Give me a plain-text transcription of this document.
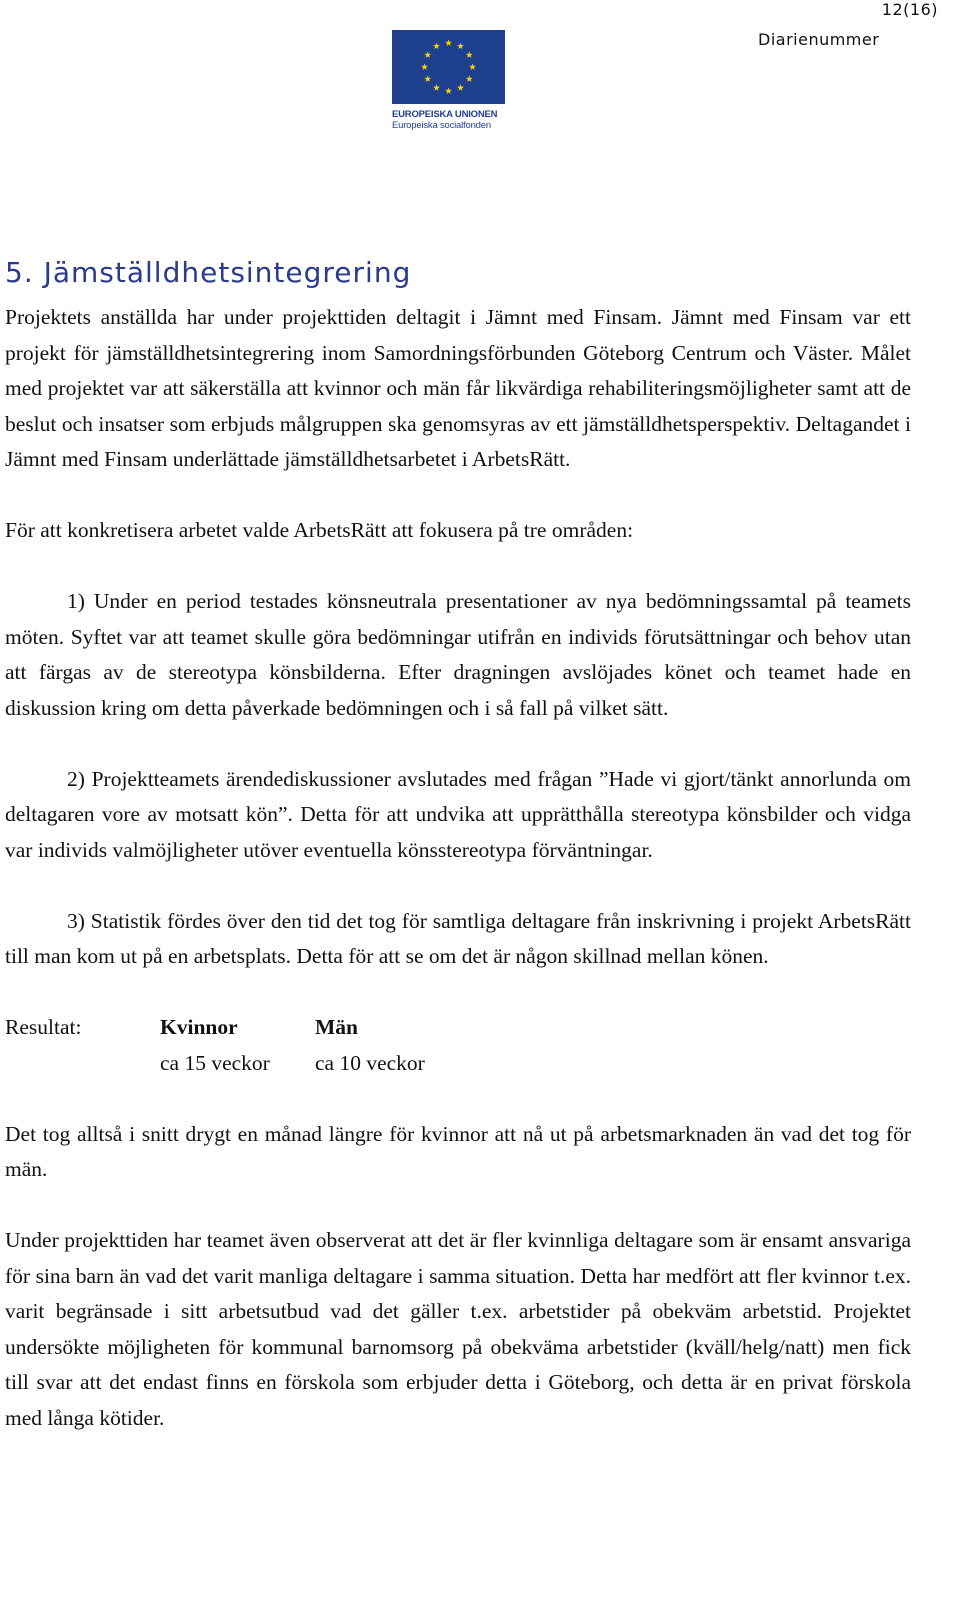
12(16)
Diarienummer
EUROPEISKA UNIONEN
Europeiska socialfonden
5. Jämställdhetsintegrering

Projektets anställda har under projekttiden deltagit i Jämnt med Finsam. Jämnt med Finsam var ett projekt för jämställdhetsintegrering inom Samordningsförbunden Göteborg Centrum och Väster. Målet med projektet var att säkerställa att kvinnor och män får likvärdiga rehabiliteringsmöjligheter samt att de beslut och insatser som erbjuds målgruppen ska genomsyras av ett jämställdhetsperspektiv. Deltagandet i Jämnt med Finsam underlättade jämställdhetsarbetet i ArbetsRätt.

För att konkretisera arbetet valde ArbetsRätt att fokusera på tre områden:

1) Under en period testades könsneutrala presentationer av nya bedömningssamtal på teamets möten. Syftet var att teamet skulle göra bedömningar utifrån en individs förutsättningar och behov utan att färgas av de stereotypa könsbilderna. Efter dragningen avslöjades könet och teamet hade en diskussion kring om detta påverkade bedömningen och i så fall på vilket sätt.

2) Projektteamets ärendediskussioner avslutades med frågan ”Hade vi gjort/tänkt annorlunda om deltagaren vore av motsatt kön”. Detta för att undvika att upprätthålla stereotypa könsbilder och vidga var individs valmöjligheter utöver eventuella könsstereotypa förväntningar.

3) Statistik fördes över den tid det tog för samtliga deltagare från inskrivning i projekt ArbetsRätt till man kom ut på en arbetsplats. Detta för att se om det är någon skillnad mellan könen.

Resultat:	Kvinnor
ca 15 veckor
Män
ca 10 veckor

Det tog alltså i snitt drygt en månad längre för kvinnor att nå ut på arbetsmarknaden än vad det tog för män.

Under projekttiden har teamet även observerat att det är fler kvinnliga deltagare som är ensamt ansvariga för sina barn än vad det varit manliga deltagare i samma situation. Detta har medfört att fler kvinnor t.ex. varit begränsade i sitt arbetsutbud vad det gäller t.ex. arbetstider på obekväm arbetstid. Projektet undersökte möjligheten för kommunal barnomsorg på obekväma arbetstider (kväll/helg/natt) men fick till svar att det endast finns en förskola som erbjuder detta i Göteborg, och detta är en privat förskola med långa kötider.
